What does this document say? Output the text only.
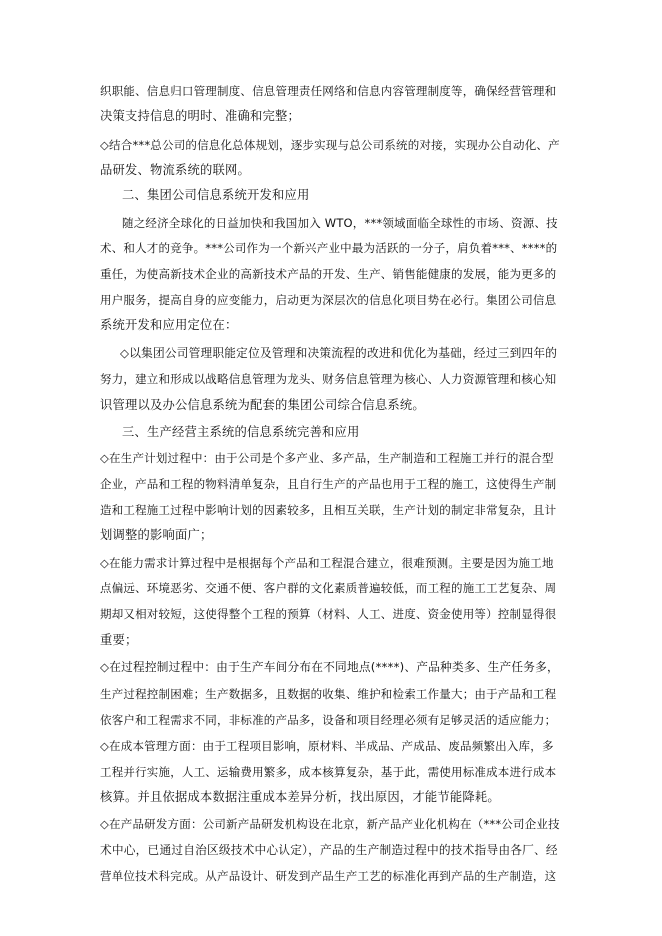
织职能、信息归口管理制度、信息管理责任网络和信息内容管理制度等，确保经营管理和
决策支持信息的明时、准确和完整；
◇结合***总公司的信息化总体规划，逐步实现与总公司系统的对接，实现办公自动化、产
品研发、物流系统的联网。
二、集团公司信息系统开发和应用
随之经济全球化的日益加快和我国加入 WTO，***领域面临全球性的市场、资源、技
术、和人才的竞争。***公司作为一个新兴产业中最为活跃的一分子，肩负着***、****的
重任，为使高新技术企业的高新技术产品的开发、生产、销售能健康的发展，能为更多的
用户服务，提高自身的应变能力，启动更为深层次的信息化项目势在必行。集团公司信息
系统开发和应用定位在：
◇以集团公司管理职能定位及管理和决策流程的改进和优化为基础，经过三到四年的
努力，建立和形成以战略信息管理为龙头、财务信息管理为核心、人力资源管理和核心知
识管理以及办公信息系统为配套的集团公司综合信息系统。
三、生产经营主系统的信息系统完善和应用
◇在生产计划过程中：由于公司是个多产业、多产品，生产制造和工程施工并行的混合型
企业，产品和工程的物料清单复杂，且自行生产的产品也用于工程的施工，这使得生产制
造和工程施工过程中影响计划的因素较多，且相互关联，生产计划的制定非常复杂，且计
划调整的影响面广；
◇在能力需求计算过程中是根据每个产品和工程混合建立，很难预测。主要是因为施工地
点偏远、环境恶劣、交通不便、客户群的文化素质普遍较低，而工程的施工工艺复杂、周
期却又相对较短，这使得整个工程的预算（材料、人工、进度、资金使用等）控制显得很
重要；
◇在过程控制过程中：由于生产车间分布在不同地点(****)、产品种类多、生产任务多，
生产过程控制困难；生产数据多，且数据的收集、维护和检索工作量大；由于产品和工程
依客户和工程需求不同，非标准的产品多，设备和项目经理必须有足够灵活的适应能力；
◇在成本管理方面：由于工程项目影响，原材料、半成品、产成品、废品频繁出入库，多
工程并行实施，人工、运输费用繁多，成本核算复杂，基于此，需使用标准成本进行成本
核算。并且依据成本数据注重成本差异分析，找出原因，才能节能降耗。
◇在产品研发方面：公司新产品研发机构设在北京，新产品产业化机构在（***公司企业技
术中心，已通过自治区级技术中心认定），产品的生产制造过程中的技术指导由各厂、经
营单位技术科完成。从产品设计、研发到产品生产工艺的标准化再到产品的生产制造，这
